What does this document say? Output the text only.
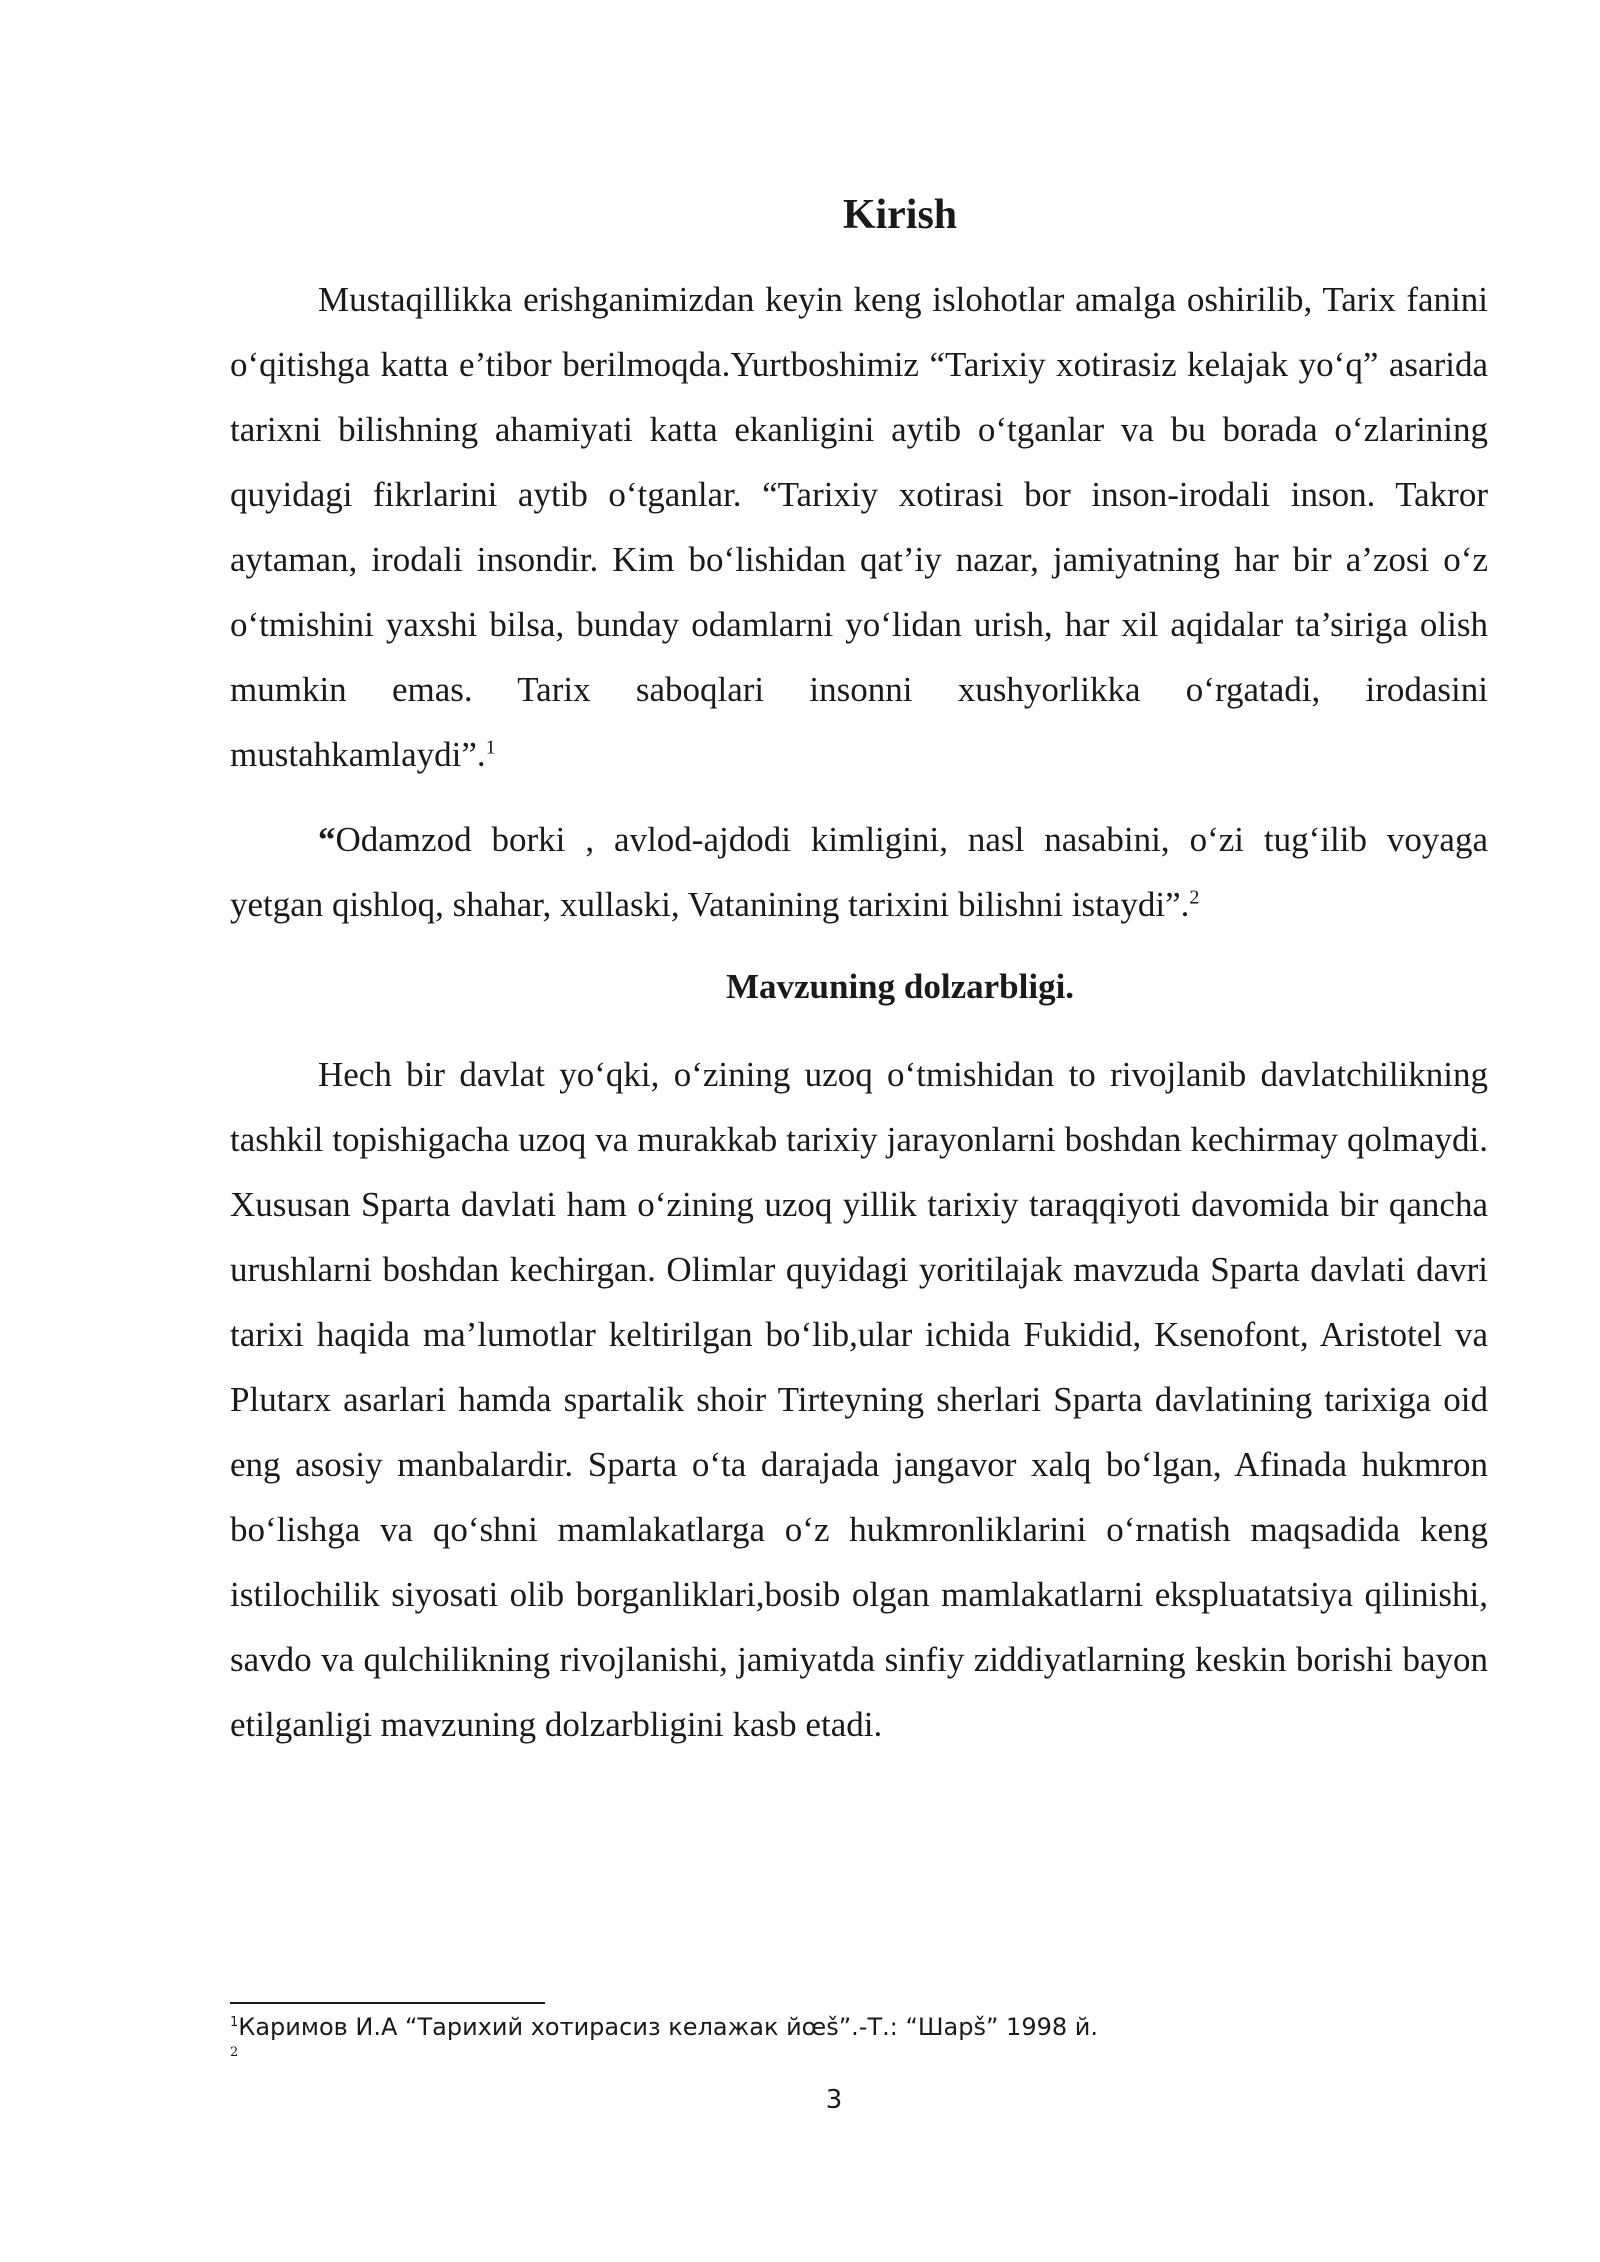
Kirish

Mustaqillikka erishganimizdan keyin keng islohotlar amalga oshirilib, Tarix fanini o‘qitishga katta e’tibor berilmoqda.Yurtboshimiz “Tarixiy xotirasiz kelajak yo‘q” asarida tarixni bilishning ahamiyati katta ekanligini aytib o‘tganlar va bu borada o‘zlarining quyidagi fikrlarini aytib o‘tganlar. “Tarixiy xotirasi bor inson-irodali inson. Takror aytaman, irodali insondir. Kim bo‘lishidan qat’iy nazar, jamiyatning har bir a’zosi o‘z o‘tmishini yaxshi bilsa, bunday odamlarni yo‘lidan urish, har xil aqidalar ta’siriga olish mumkin emas. Tarix saboqlari insonni xushyorlikka o‘rgatadi, irodasini mustahkamlaydi”.$^1$

“Odamzod borki , avlod-ajdodi kimligini, nasl nasabini, o‘zi tug‘ilib voyaga yetgan qishloq, shahar, xullaski, Vatanining tarixini bilishni istaydi”.$^2$

Mavzuning dolzarbligi.

Hech bir davlat yo‘qki, o‘zining uzoq o‘tmishidan to rivojlanib davlatchilikning tashkil topishigacha uzoq va murakkab tarixiy jarayonlarni boshdan kechirmay qolmaydi. Xususan Sparta davlati ham o‘zining uzoq yillik tarixiy taraqqiyoti davomida bir qancha urushlarni boshdan kechirgan. Olimlar quyidagi yoritilajak mavzuda Sparta davlati davri tarixi haqida ma’lumotlar keltirilgan bo‘lib,ular ichida Fukidid, Ksenofont, Aristotel va Plutarx asarlari hamda spartalik shoir Tirteyning sherlari Sparta davlatining tarixiga oid eng asosiy manbalardir. Sparta o‘ta darajada jangavor xalq bo‘lgan, Afinada hukmron bo‘lishga va qo‘shni mamlakatlarga o‘z hukmronliklarini o‘rnatish maqsadida keng istilochilik siyosati olib borganliklari,bosib olgan mamlakatlarni ekspluatatsiya qilinishi, savdo va qulchilikning rivojlanishi, jamiyatda sinfiy ziddiyatlarning keskin borishi bayon etilganligi mavzuning dolzarbligini kasb etadi.

$^1$Каримов И.А “Тарихий хотирасиз келажак йœš”.-Т.: “Шарš” 1998 й.

2

3
